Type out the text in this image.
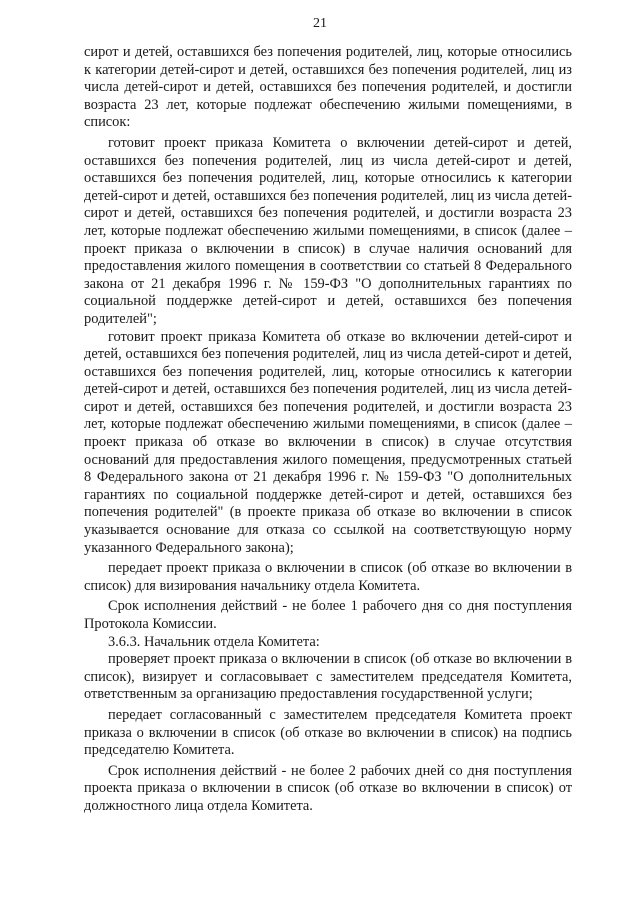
21

сирот и детей, оставшихся без попечения родителей, лиц, которые относились к категории детей-сирот и детей, оставшихся без попечения родителей, лиц из числа детей-сирот и детей, оставшихся без попечения родителей, и достигли возраста 23 лет, которые подлежат обеспечению жилыми помещениями, в список:

готовит проект приказа Комитета о включении детей-сирот и детей, оставшихся без попечения родителей, лиц из числа детей-сирот и детей, оставшихся без попечения родителей, лиц, которые относились к категории детей-сирот и детей, оставшихся без попечения родителей, лиц из числа детей-сирот и детей, оставшихся без попечения родителей, и достигли возраста 23 лет, которые подлежат обеспечению жилыми помещениями, в список (далее – проект приказа о включении в список) в случае наличия оснований для предоставления жилого помещения в соответствии со статьей 8 Федерального закона от 21 декабря 1996 г. № 159-ФЗ "О дополнительных гарантиях по социальной поддержке детей-сирот и детей, оставшихся без попечения родителей";

готовит проект приказа Комитета об отказе во включении детей-сирот и детей, оставшихся без попечения родителей, лиц из числа детей-сирот и детей, оставшихся без попечения родителей, лиц, которые относились к категории детей-сирот и детей, оставшихся без попечения родителей, лиц из числа детей-сирот и детей, оставшихся без попечения родителей, и достигли возраста 23 лет, которые подлежат обеспечению жилыми помещениями, в список (далее – проект приказа об отказе во включении в список) в случае отсутствия оснований для предоставления жилого помещения, предусмотренных статьей 8 Федерального закона от 21 декабря 1996 г. № 159-ФЗ "О дополнительных гарантиях по социальной поддержке детей-сирот и детей, оставшихся без попечения родителей" (в проекте приказа об отказе во включении в список указывается основание для отказа со ссылкой на соответствующую норму указанного Федерального закона);

передает проект приказа о включении в список (об отказе во включении в список) для визирования начальнику отдела Комитета.

Срок исполнения действий - не более 1 рабочего дня со дня поступления Протокола Комиссии.

3.6.3. Начальник отдела Комитета:

проверяет проект приказа о включении в список (об отказе во включении в список), визирует и согласовывает с заместителем председателя Комитета, ответственным за организацию предоставления государственной услуги;

передает согласованный с заместителем председателя Комитета проект приказа о включении в список (об отказе во включении в список) на подпись председателю Комитета.

Срок исполнения действий - не более 2 рабочих дней со дня поступления проекта приказа о включении в список (об отказе во включении в список) от должностного лица отдела Комитета.
